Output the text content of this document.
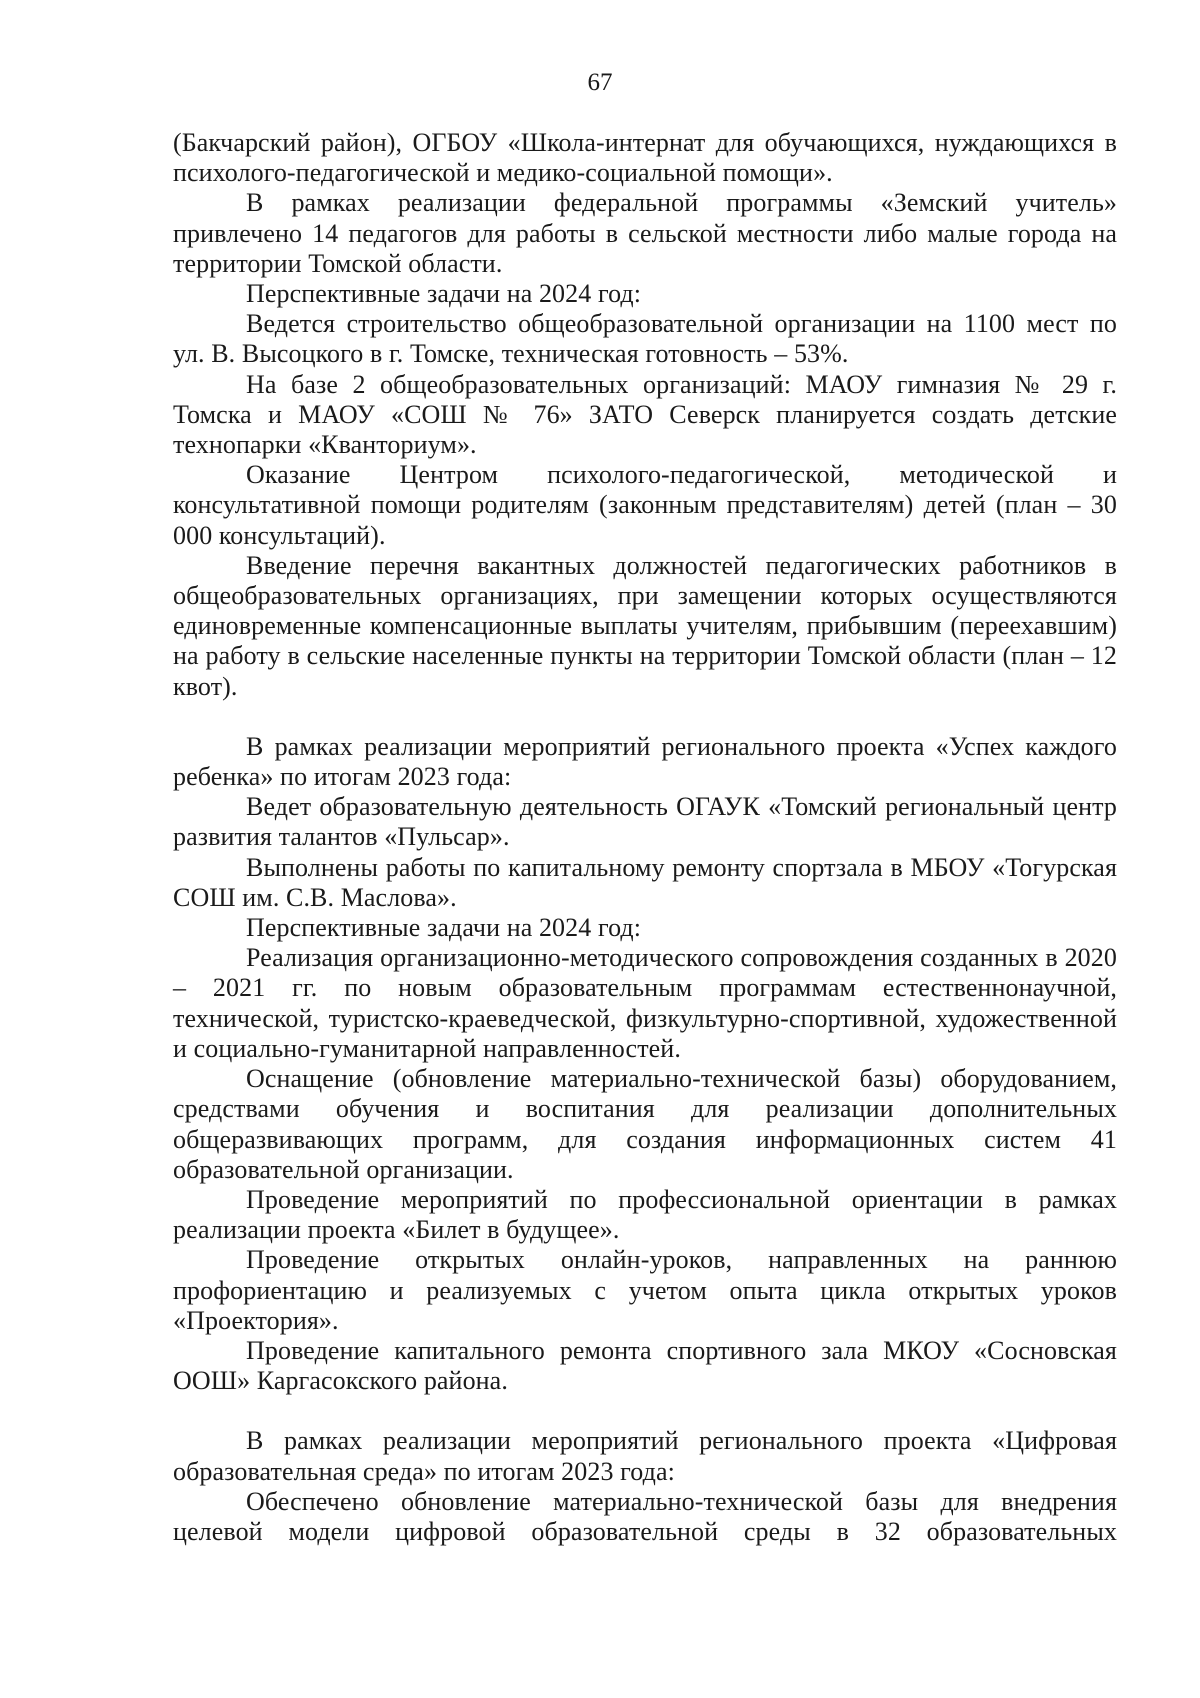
67

(Бакчарский район), ОГБОУ «Школа-интернат для обучающихся, нуждающихся в психолого-педагогической и медико-социальной помощи».

В рамках реализации федеральной программы «Земский учитель» привлечено 14 педагогов для работы в сельской местности либо малые города на территории Томской области.

Перспективные задачи на 2024 год:

Ведется строительство общеобразовательной организации на 1100 мест по ул. В. Высоцкого в г. Томске, техническая готовность – 53%.

На базе 2 общеобразовательных организаций: МАОУ гимназия № 29 г. Томска и МАОУ «СОШ № 76» ЗАТО Северск планируется создать детские технопарки «Кванториум».

Оказание Центром психолого-педагогической, методической и консультативной помощи родителям (законным представителям) детей (план – 30 000 консультаций).

Введение перечня вакантных должностей педагогических работников в общеобразовательных организациях, при замещении которых осуществляются единовременные компенсационные выплаты учителям, прибывшим (переехавшим) на работу в сельские населенные пункты на территории Томской области (план – 12 квот).

В рамках реализации мероприятий регионального проекта «Успех каждого ребенка» по итогам 2023 года:

Ведет образовательную деятельность ОГАУК «Томский региональный центр развития талантов «Пульсар».

Выполнены работы по капитальному ремонту спортзала в МБОУ «Тогурская СОШ им. С.В. Маслова».

Перспективные задачи на 2024 год:

Реализация организационно-методического сопровождения созданных в 2020 – 2021 гг. по новым образовательным программам естественнонаучной, технической, туристско-краеведческой, физкультурно-спортивной, художественной и социально-гуманитарной направленностей.

Оснащение (обновление материально-технической базы) оборудованием, средствами обучения и воспитания для реализации дополнительных общеразвивающих программ, для создания информационных систем 41 образовательной организации.

Проведение мероприятий по профессиональной ориентации в рамках реализации проекта «Билет в будущее».

Проведение открытых онлайн-уроков, направленных на раннюю профориентацию и реализуемых с учетом опыта цикла открытых уроков «Проектория».

Проведение капитального ремонта спортивного зала МКОУ «Сосновская ООШ» Каргасокского района.

В рамках реализации мероприятий регионального проекта «Цифровая образовательная среда» по итогам 2023 года:

Обеспечено обновление материально-технической базы для внедрения целевой модели цифровой образовательной среды в 32 образовательных
